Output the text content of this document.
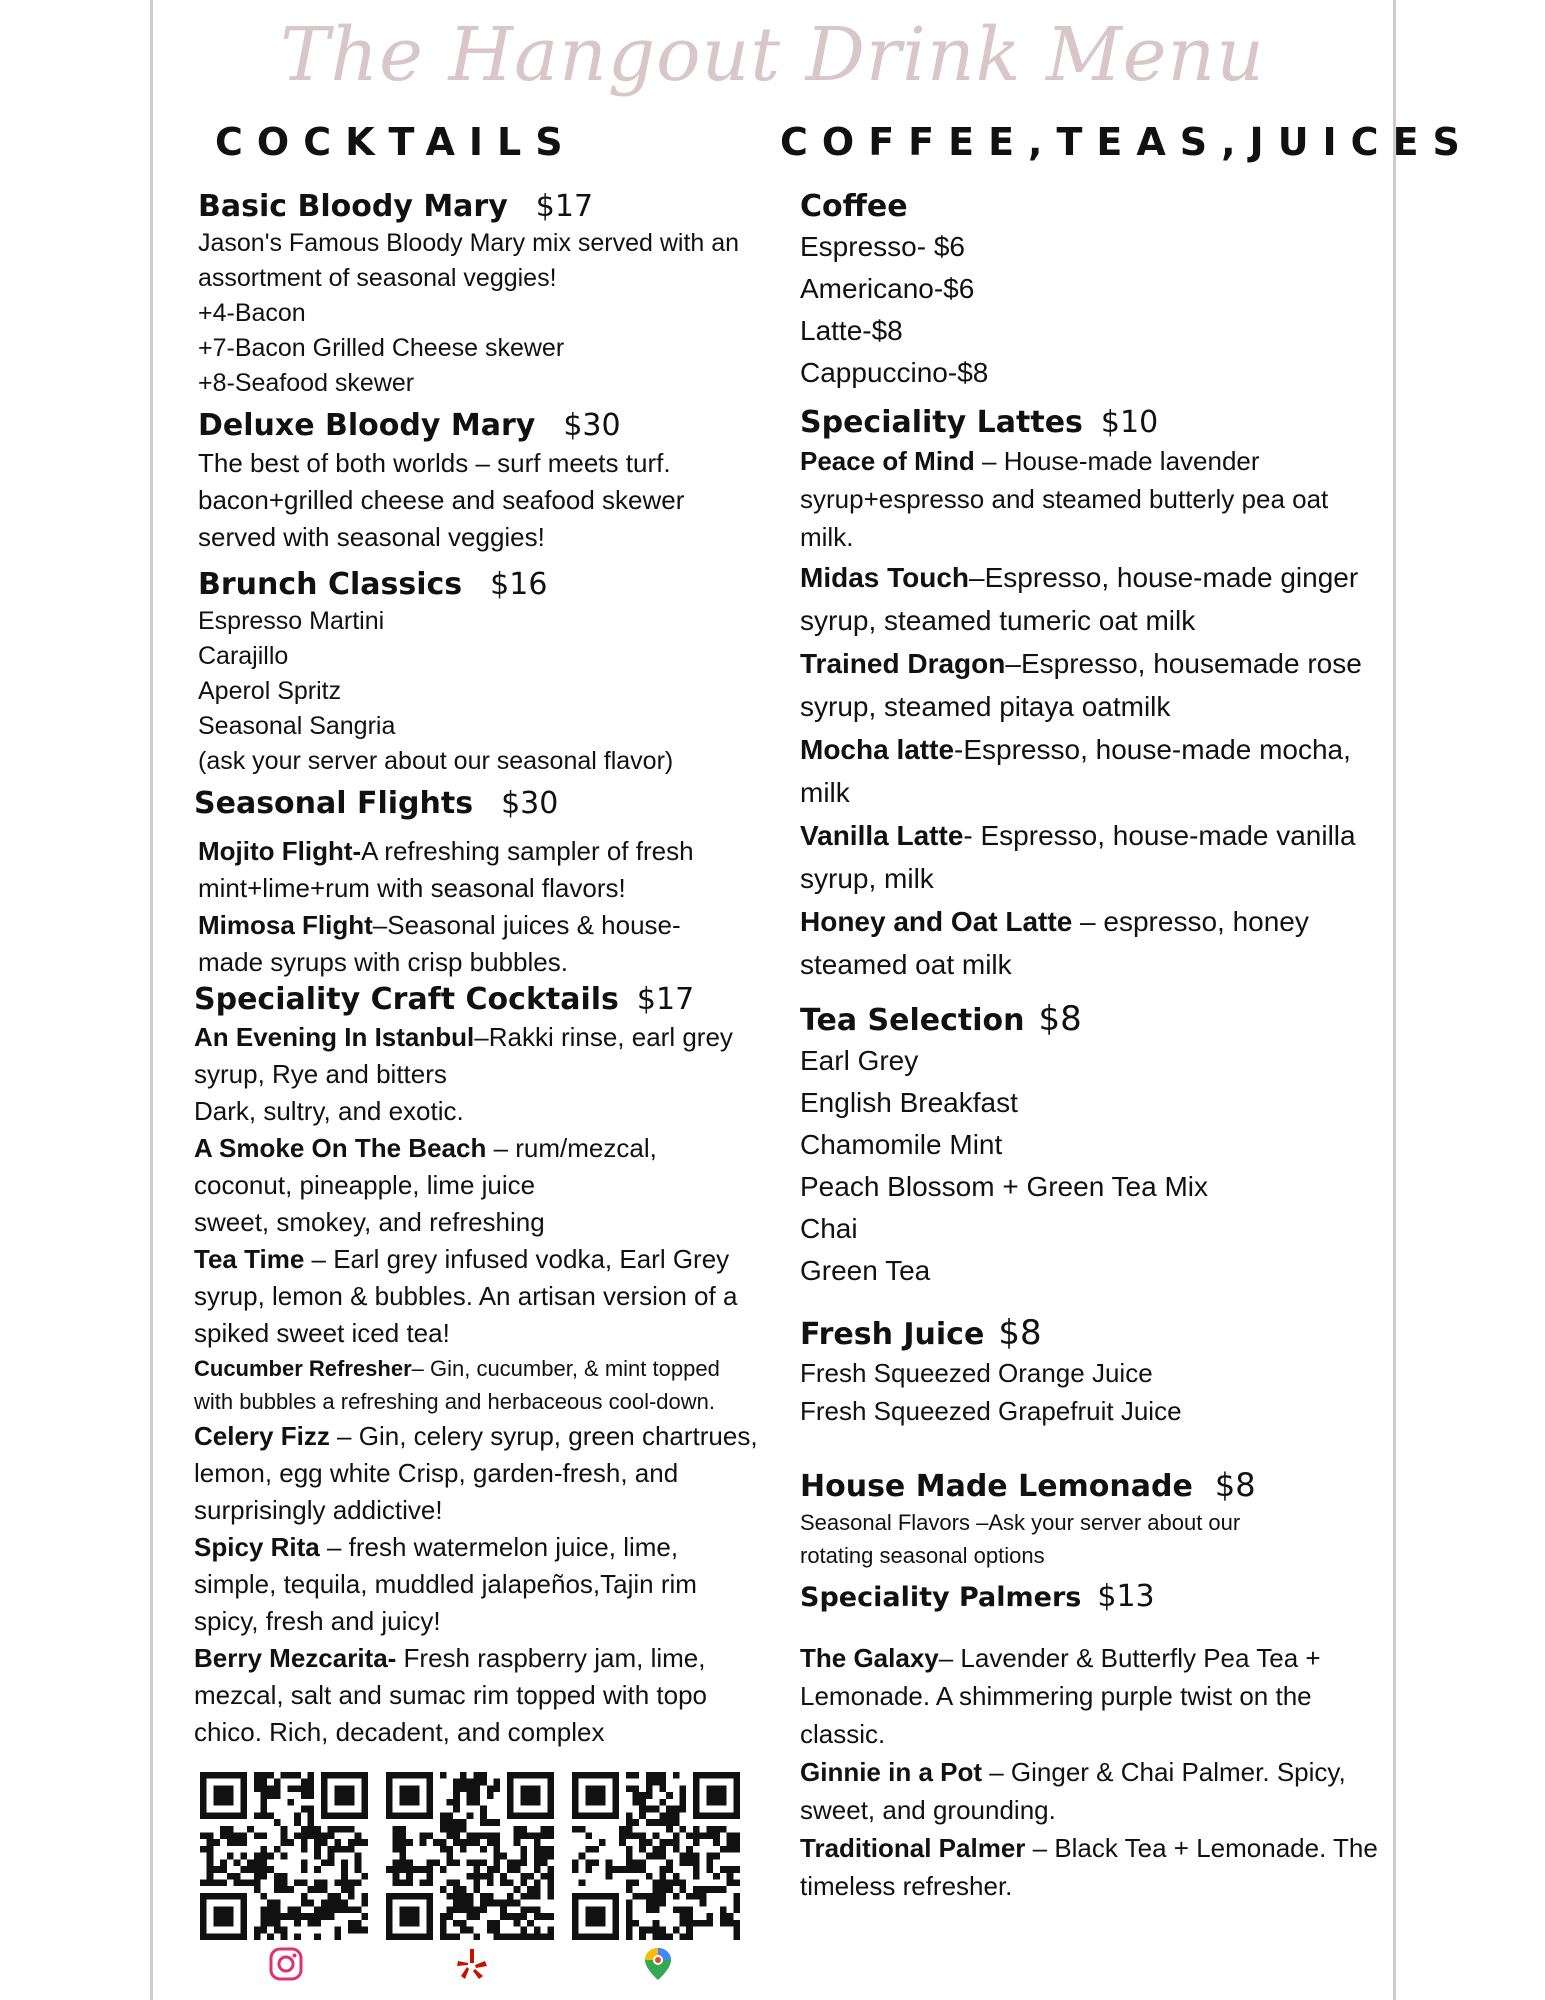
The Hangout Drink Menu
COCKTAILS	COFFEE,TEAS,JUICES
Basic Bloody Mary $17
Jason's Famous Bloody Mary mix served with an
assortment of seasonal veggies!
+4-Bacon
+7-Bacon Grilled Cheese skewer
+8-Seafood skewer
Deluxe Bloody Mary $30
The best of both worlds – surf meets turf.
bacon+grilled cheese and seafood skewer
served with seasonal veggies!
Brunch Classics $16
Espresso Martini
Carajillo
Aperol Spritz
Seasonal Sangria
(ask your server about our seasonal flavor)
Seasonal Flights $30
Mojito Flight-A refreshing sampler of fresh mint+lime+rum with seasonal flavors!
Mimosa Flight–Seasonal juices & house-made syrups with crisp bubbles.
Speciality Craft Cocktails $17
An Evening In Istanbul–Rakki rinse, earl grey syrup, Rye and bitters
Dark, sultry, and exotic.
A Smoke On The Beach – rum/mezcal, coconut, pineapple, lime juice
sweet, smokey, and refreshing
Tea Time – Earl grey infused vodka, Earl Grey syrup, lemon & bubbles. An artisan version of a spiked sweet iced tea!
Cucumber Refresher– Gin, cucumber, & mint topped with bubbles a refreshing and herbaceous cool-down.
Celery Fizz – Gin, celery syrup, green chartrues, lemon, egg white Crisp, garden-fresh, and surprisingly addictive!
Spicy Rita – fresh watermelon juice, lime, simple, tequila, muddled jalapeños,Tajin rim
spicy, fresh and juicy!
Berry Mezcarita- Fresh raspberry jam, lime, mezcal, salt and sumac rim topped with topo chico. Rich, decadent, and complex
Coffee
Espresso- $6
Americano-$6
Latte-$8
Cappuccino-$8
Speciality Lattes $10
Peace of Mind – House-made lavender syrup+espresso and steamed butterly pea oat milk.
Midas Touch–Espresso, house-made ginger syrup, steamed tumeric oat milk
Trained Dragon–Espresso, housemade rose syrup, steamed pitaya oatmilk
Mocha latte-Espresso, house-made mocha, milk
Vanilla Latte- Espresso, house-made vanilla syrup, milk
Honey and Oat Latte – espresso, honey steamed oat milk
Tea Selection $8
Earl Grey
English Breakfast
Chamomile Mint
Peach Blossom + Green Tea Mix
Chai
Green Tea
Fresh Juice $8
Fresh Squeezed Orange Juice
Fresh Squeezed Grapefruit Juice
House Made Lemonade $8
Seasonal Flavors –Ask your server about our
rotating seasonal options
Speciality Palmers $13
The Galaxy– Lavender & Butterfly Pea Tea + Lemonade. A shimmering purple twist on the classic.
Ginnie in a Pot – Ginger & Chai Palmer. Spicy, sweet, and grounding.
Traditional Palmer – Black Tea + Lemonade. The timeless refresher.
